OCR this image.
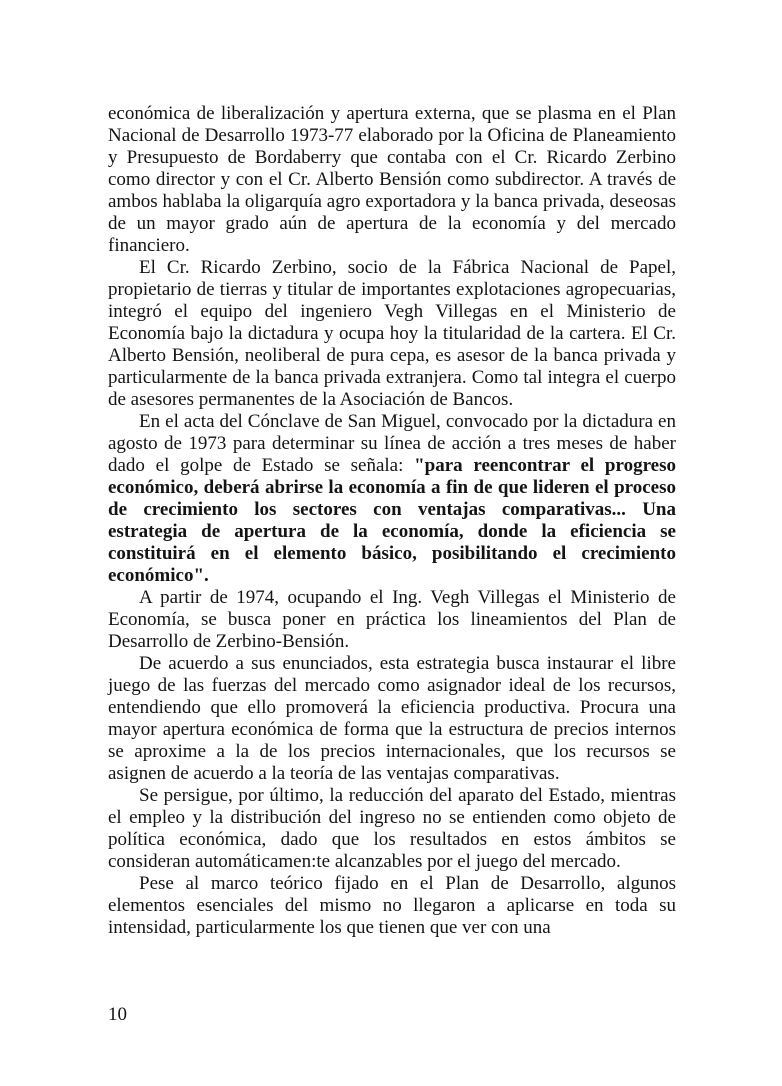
económica de liberalización y apertura externa, que se plasma en el Plan Nacional de Desarrollo 1973-77 elaborado por la Oficina de Planeamiento y Presupuesto de Bordaberry que contaba con el Cr. Ricardo Zerbino como director y con el Cr. Alberto Bensión como subdirector. A través de ambos hablaba la oligarquía agro exportadora y la banca privada, deseosas de un mayor grado aún de apertura de la economía y del mercado financiero.

El Cr. Ricardo Zerbino, socio de la Fábrica Nacional de Papel, propietario de tierras y titular de importantes explotaciones agropecuarias, integró el equipo del ingeniero Vegh Villegas en el Ministerio de Economía bajo la dictadura y ocupa hoy la titularidad de la cartera. El Cr. Alberto Bensión, neoliberal de pura cepa, es asesor de la banca privada y particularmente de la banca privada extranjera. Como tal integra el cuerpo de asesores permanentes de la Asociación de Bancos.

En el acta del Cónclave de San Miguel, convocado por la dictadura en agosto de 1973 para determinar su línea de acción a tres meses de haber dado el golpe de Estado se señala: "para reencontrar el progreso económico, deberá abrirse la economía a fin de que lideren el proceso de crecimiento los sectores con ventajas comparativas... Una estrategia de apertura de la economía, donde la eficiencia se constituirá en el elemento básico, posibilitando el crecimiento económico".

A partir de 1974, ocupando el Ing. Vegh Villegas el Ministerio de Economía, se busca poner en práctica los lineamientos del Plan de Desarrollo de Zerbino-Bensión.

De acuerdo a sus enunciados, esta estrategia busca instaurar el libre juego de las fuerzas del mercado como asignador ideal de los recursos, entendiendo que ello promoverá la eficiencia productiva. Procura una mayor apertura económica de forma que la estructura de precios internos se aproxime a la de los precios internacionales, que los recursos se asignen de acuerdo a la teoría de las ventajas comparativas.

Se persigue, por último, la reducción del aparato del Estado, mientras el empleo y la distribución del ingreso no se entienden como objeto de política económica, dado que los resultados en estos ámbitos se consideran automáticamen:te alcanzables por el juego del mercado.

Pese al marco teórico fijado en el Plan de Desarrollo, algunos elementos esenciales del mismo no llegaron a aplicarse en toda su intensidad, particularmente los que tienen que ver con una

10
